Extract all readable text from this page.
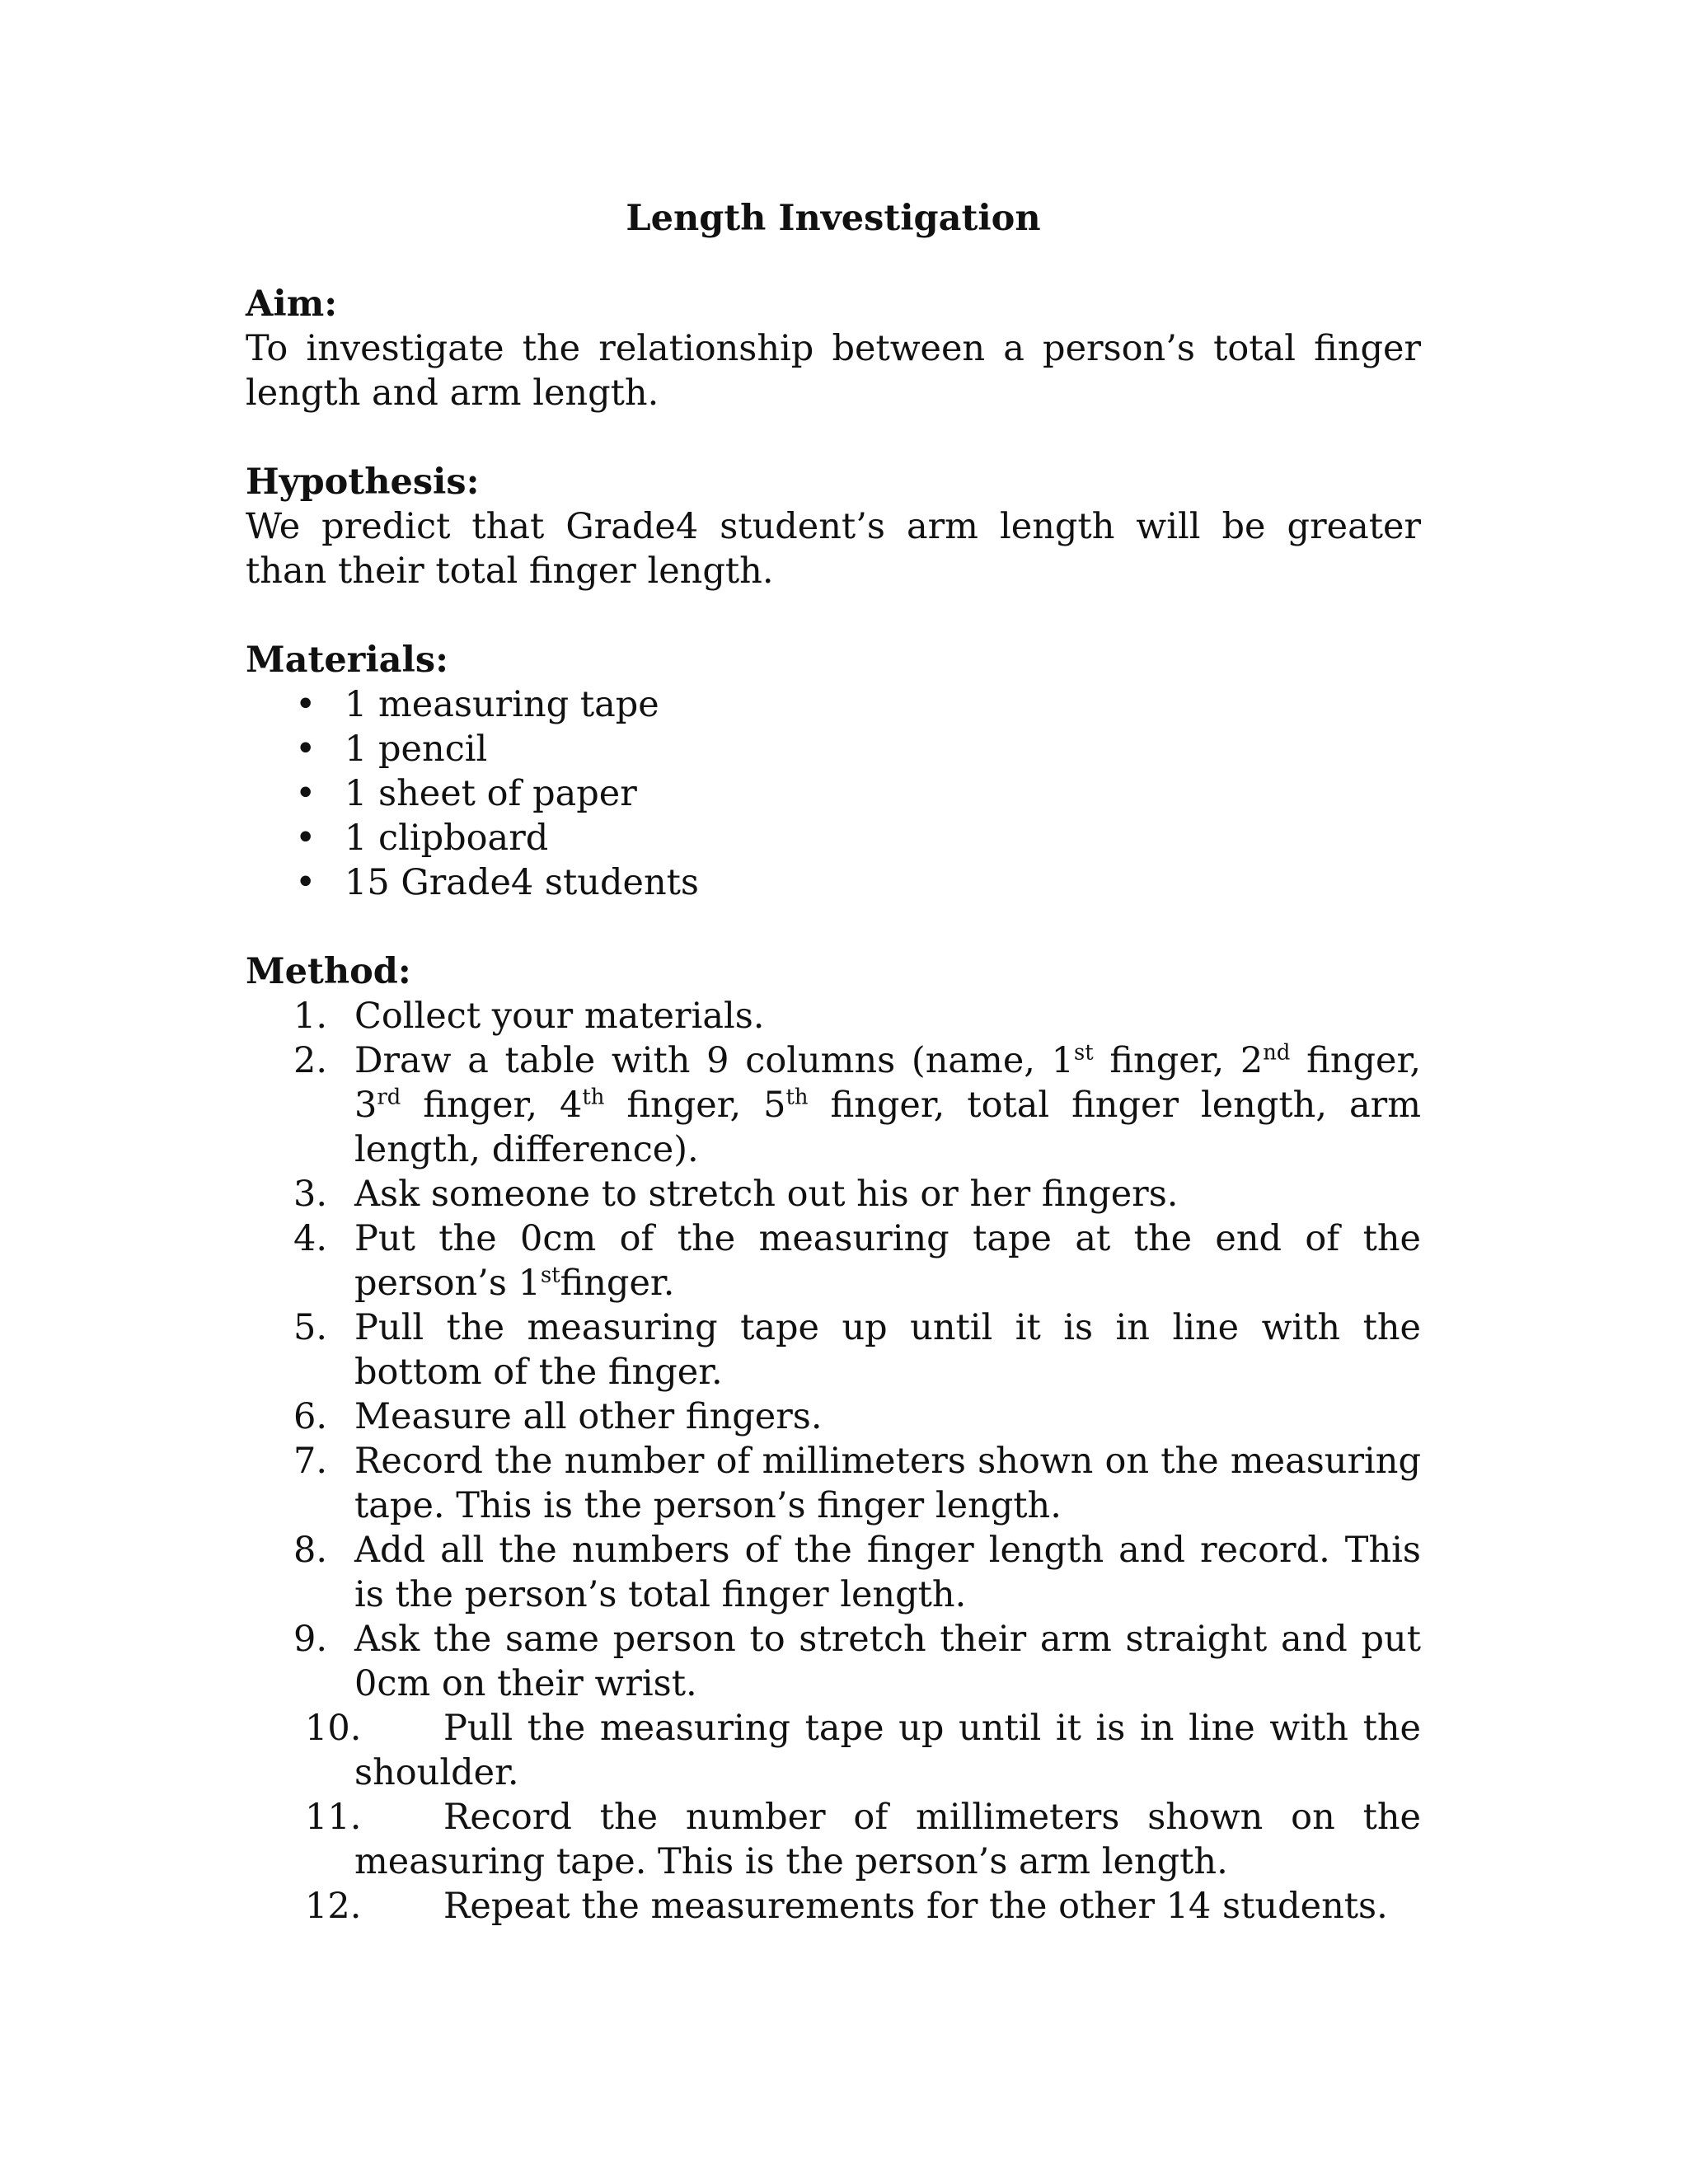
Length Investigation

Aim:

To investigate the relationship between a person’s total finger length and arm length.

Hypothesis:

We predict that Grade4 student’s arm length will be greater than their total finger length.

Materials:

• 1 measuring tape
• 1 pencil
• 1 sheet of paper
• 1 clipboard
• 15 Grade4 students

Method:

1. Collect your materials.
2. Draw a table with 9 columns (name, 1st finger, 2nd finger, 3rd finger, 4th finger, 5th finger, total finger length, arm length, difference).
3. Ask someone to stretch out his or her fingers.
4. Put the 0cm of the measuring tape at the end of the person’s 1stfinger.
5. Pull the measuring tape up until it is in line with the bottom of the finger.
6. Measure all other fingers.
7. Record the number of millimeters shown on the measuring tape. This is the person’s finger length.
8. Add all the numbers of the finger length and record. This is the person’s total finger length.
9. Ask the same person to stretch their arm straight and put 0cm on their wrist.
10. Pull the measuring tape up until it is in line with the shoulder.
11. Record the number of millimeters shown on the measuring tape. This is the person’s arm length.
12. Repeat the measurements for the other 14 students.
